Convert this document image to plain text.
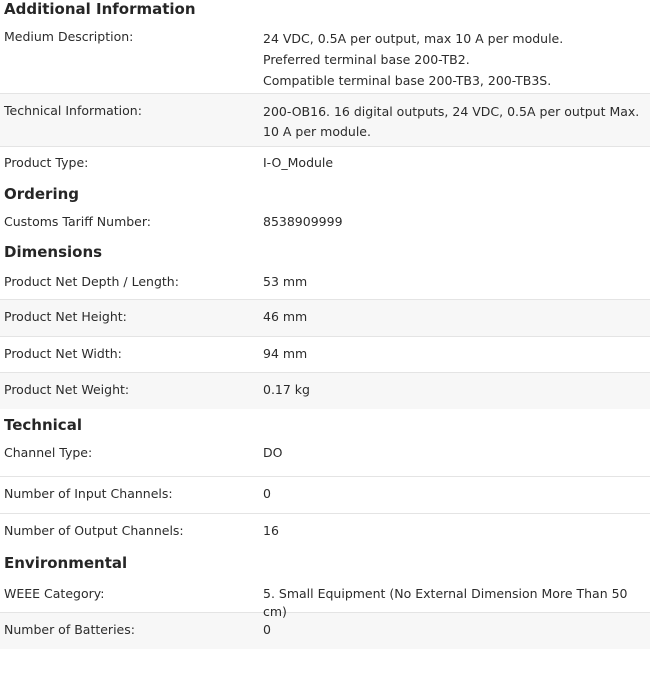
Additional Information
Medium Description:	24 VDC, 0.5A per output, max 10 A per module.
Preferred terminal base 200-TB2.
Compatible terminal base 200-TB3, 200-TB3S.
Technical Information:	200-OB16. 16 digital outputs, 24 VDC, 0.5A per output Max.
10 A per module.
Product Type:	I-O_Module
Ordering
Customs Tariff Number:	8538909999
Dimensions
Product Net Depth / Length:	53 mm
Product Net Height:	46 mm
Product Net Width:	94 mm
Product Net Weight:	0.17 kg
Technical
Channel Type:	DO
Number of Input Channels:	0
Number of Output Channels:	16
Environmental
WEEE Category:	5. Small Equipment (No External Dimension More Than 50 cm)
Number of Batteries:	0
